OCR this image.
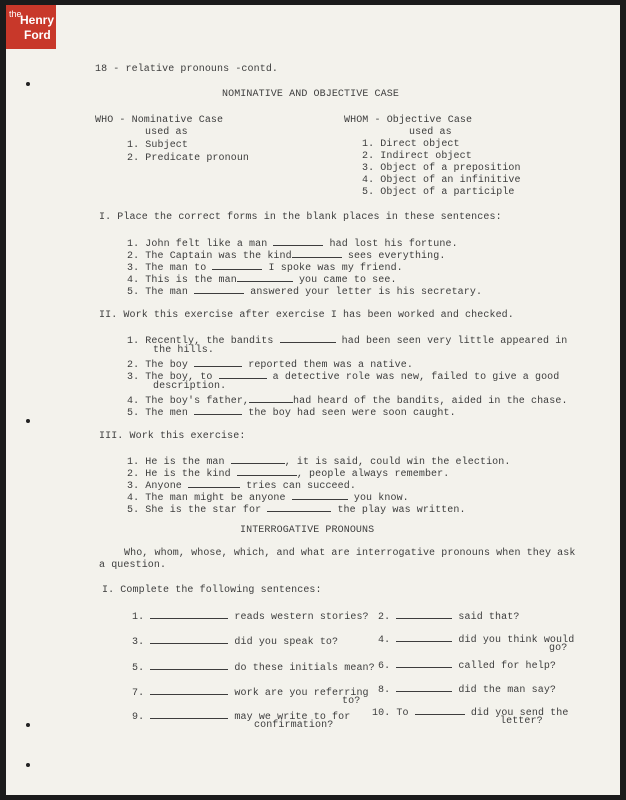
the
Henry
Ford
18 - relative pronouns -contd.
NOMINATIVE AND OBJECTIVE CASE
WHO - Nominative Case
used as
1. Subject
2. Predicate pronoun
WHOM - Objective Case
used as
1. Direct object
2. Indirect object
3. Object of a preposition
4. Object of an infinitive
5. Object of a participle
I. Place the correct forms in the blank places in these sentences:
1. John felt like a man	had lost his fortune.
2. The Captain was the kind	sees everything.
3. The man to	I spoke was my friend.
4. This is the man	you came to see.
5. The man	answered your letter is his secretary.
II. Work this exercise after exercise I has been worked and checked.
1. Recently, the bandits	had been seen very little appeared in
the hills.
2. The boy	reported them was a native.
3. The boy, to	a detective role was new, failed to give a good
description.
4. The boy's father,	had heard of the bandits, aided in the chase.
5. The men	the boy had seen were soon caught.
III. Work this exercise:
1. He is the man	, it is said, could win the election.
2. He is the kind	, people always remember.
3. Anyone	tries can succeed.
4. The man might be anyone	you know.
5. She is the star for	the play was written.
INTERROGATIVE PRONOUNS
Who, whom, whose, which, and what are interrogative pronouns when they ask
a question.
I. Complete the following sentences:
1.	reads western stories?
3.	did you speak to?
5.	do these initials mean?
7.	work are you referring
to?
9.	may we write to for
confirmation?
2.	said that?
4.	did you think would
go?
6.	called for help?
8.	did the man say?
10. To	did you send the
letter?
